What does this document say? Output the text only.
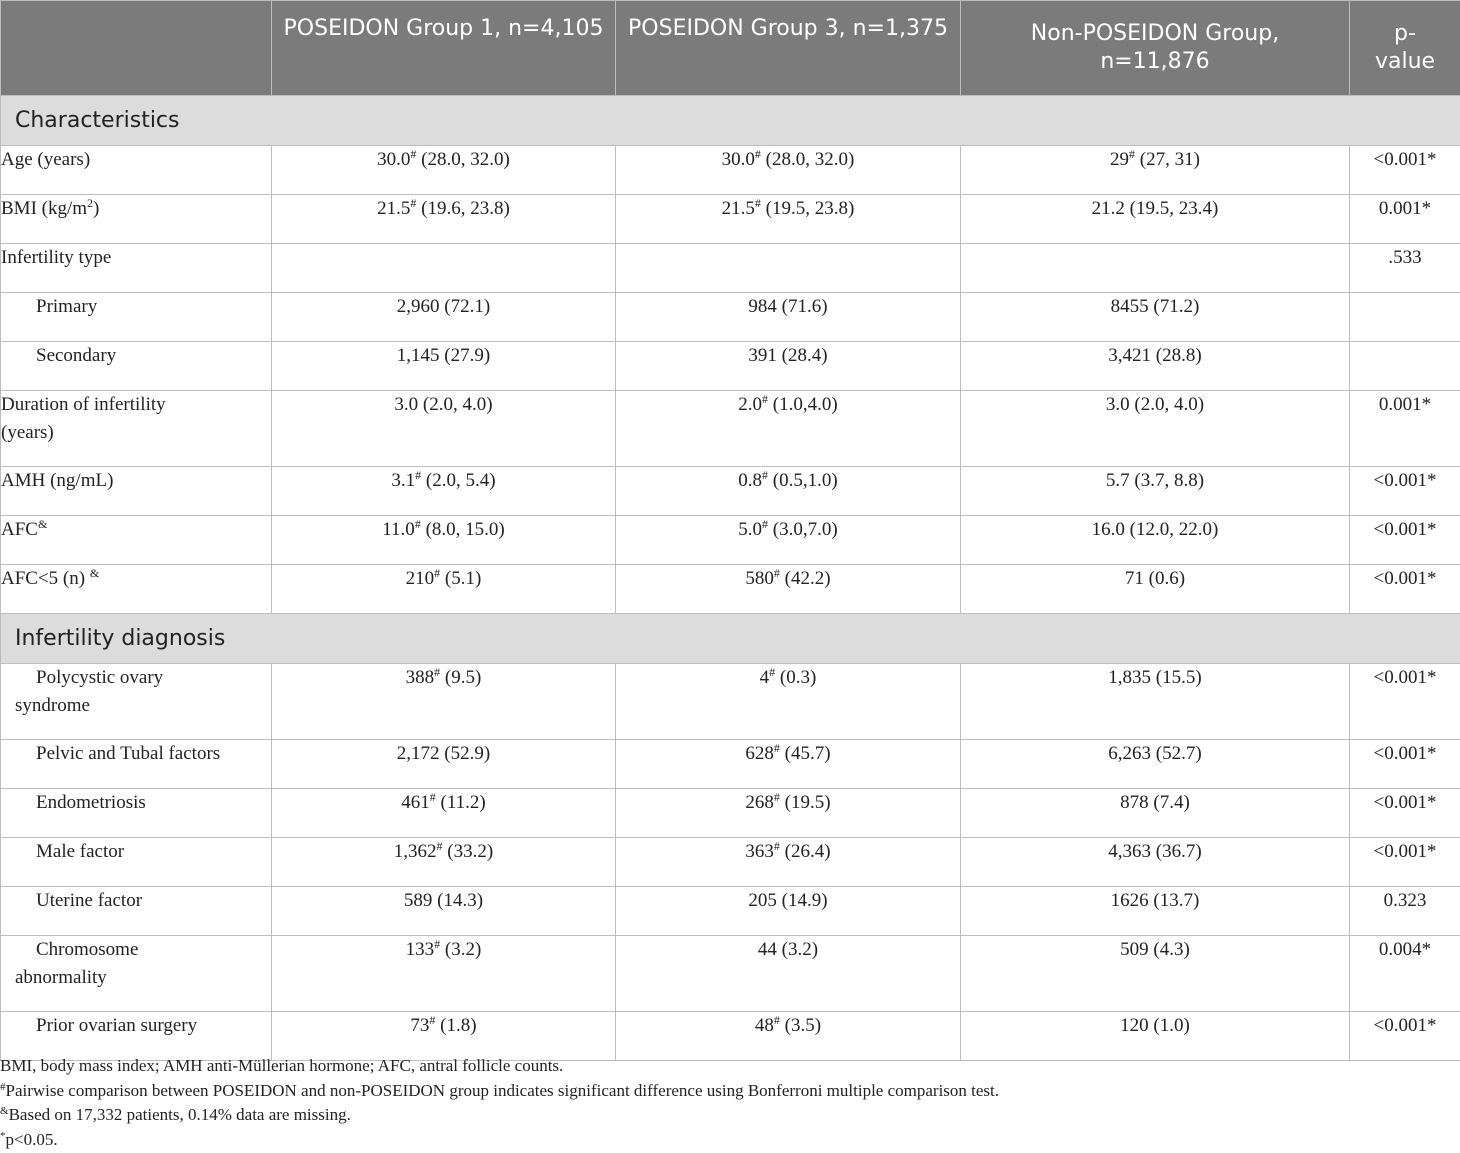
	POSEIDON Group 1, n=4,105	POSEIDON Group 3, n=1,375	Non-POSEIDON Group,
n=11,876	p-
value
Characteristics				
Age (years)	30.0# (28.0, 32.0)	30.0# (28.0, 32.0)	29# (27, 31)	<0.001*
BMI $(kg/m^2)$	21.5# (19.6, 23.8)	21.5# (19.5, 23.8)	21.2 (19.5, 23.4)	0.001*
Infertility type				.533
Primary	2,960 (72.1)	984 (71.6)	8455 (71.2)	
Secondary	1,145 (27.9)	391 (28.4)	3,421 (28.8)	
Duration of infertility
(years)	3.0 (2.0, 4.0)	2.0# (1.0,4.0)	3.0 (2.0, 4.0)	0.001*
AMH (ng/mL)	3.1# (2.0, 5.4)	0.8# (0.5,1.0)	5.7 (3.7, 8.8)	<0.001*
AFC&	11.0# (8.0, 15.0)	5.0# (3.0,7.0)	16.0 (12.0, 22.0)	<0.001*
AFC<5 (n) &	210# (5.1)	580# (42.2)	71 (0.6)	<0.001*
Infertility diagnosis				
Polycystic ovary
syndrome	388# (9.5)	4# (0.3)	1,835 (15.5)	<0.001*
Pelvic and Tubal factors	2,172 (52.9)	628# (45.7)	6,263 (52.7)	<0.001*
Endometriosis	461# (11.2)	268# (19.5)	878 (7.4)	<0.001*
Male factor	1,362# (33.2)	363# (26.4)	4,363 (36.7)	<0.001*
Uterine factor	589 (14.3)	205 (14.9)	1626 (13.7)	0.323
Chromosome
abnormality	133# (3.2)	44 (3.2)	509 (4.3)	0.004*
Prior ovarian surgery	73# (1.8)	48# (3.5)	120 (1.0)	<0.001*
BMI, body mass index; AMH anti-Müllerian hormone; AFC, antral follicle counts.
#Pairwise comparison between POSEIDON and non-POSEIDON group indicates significant difference using Bonferroni multiple comparison test.
&Based on 17,332 patients, 0.14% data are missing.
*p<0.05.
